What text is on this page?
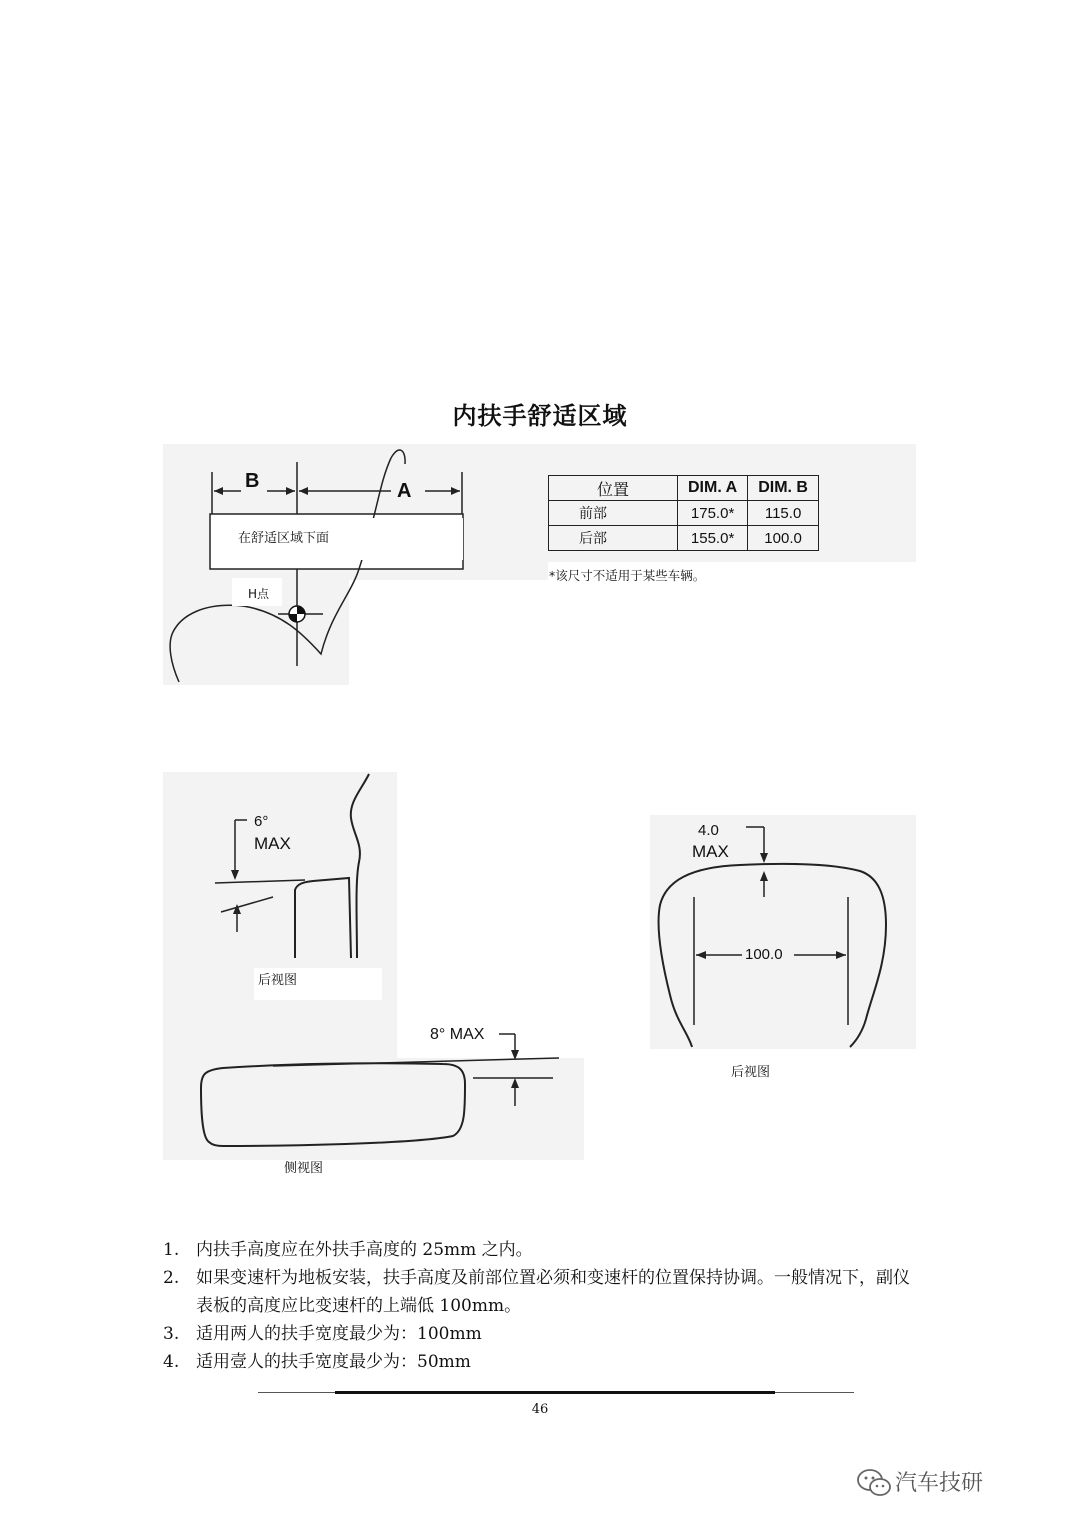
内扶手舒适区域
B	A
在舒适区域下面
H点
位置	DIM. A	DIM. B
前部	175.0*	115.0
后部	155.0*	100.0
*该尺寸不适用于某些车辆。
6°
MAX
后视图
4.0
MAX
100.0
后视图
8° MAX
侧视图
1. 内扶手高度应在外扶手高度的 25mm 之内。
2. 如果变速杆为地板安装，扶手高度及前部位置必须和变速杆的位置保持协调。一般情况下，副仪表板的高度应比变速杆的上端低 100mm。
3. 适用两人的扶手宽度最少为：100mm
4. 适用壹人的扶手宽度最少为：50mm
46
汽车技研
